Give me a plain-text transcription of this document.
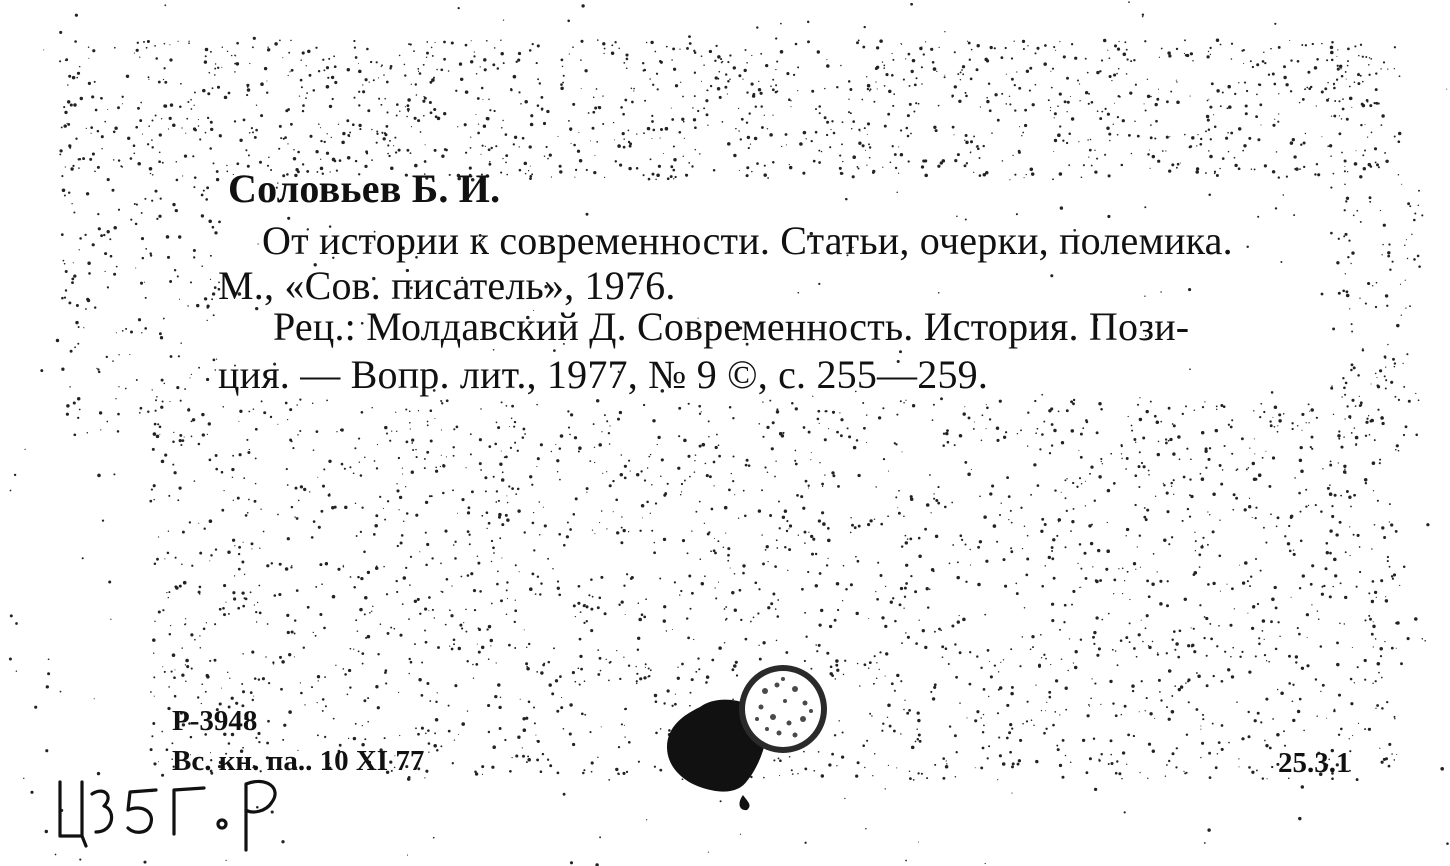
Соловьев Б. И.
От истории к современности. Статьи, очерки, полемика.
М., «Сов. писатель», 1976.
Рец.: Молдавский Д. Современность. История. Пози-
ция. — Вопр. лит., 1977, № 9 ©, с. 255—259.
Р-3948
Вс. кн. па.. 10 XI 77	25.3.1
